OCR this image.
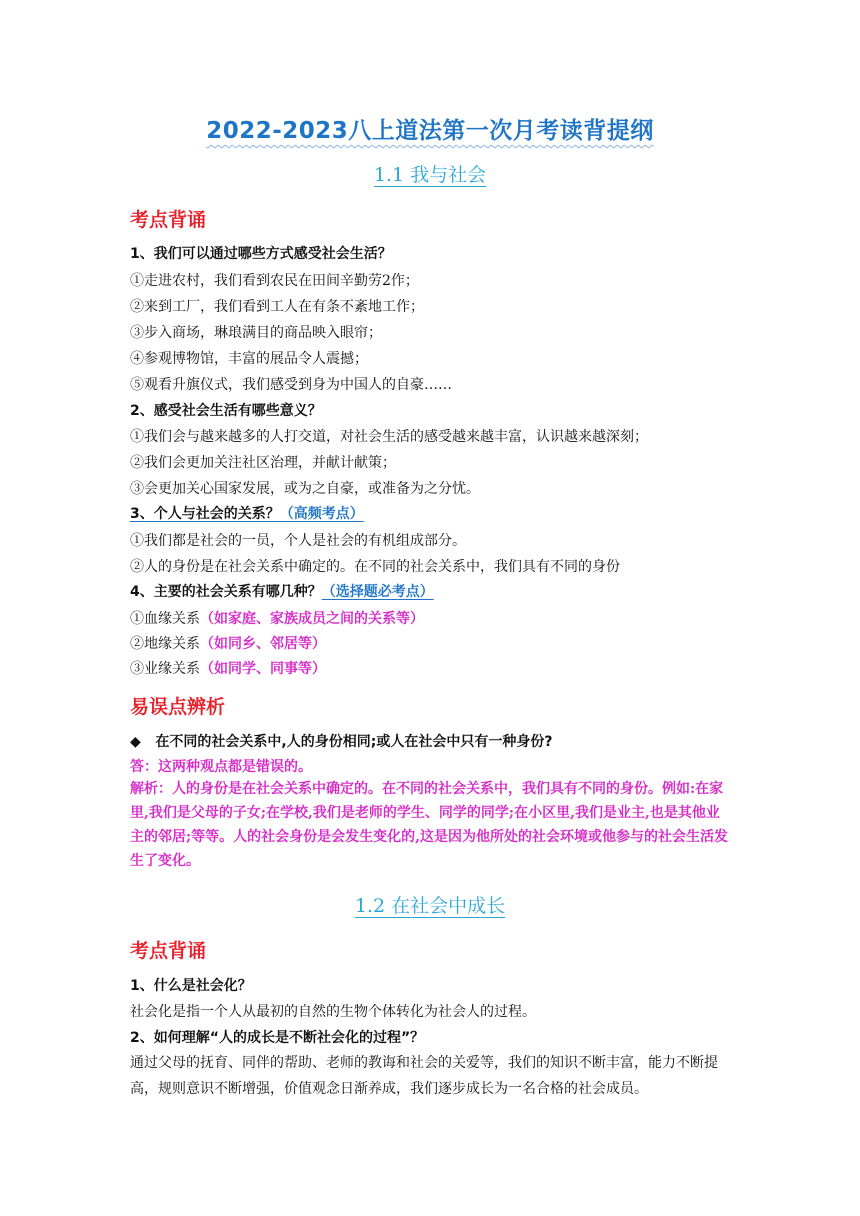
2022-2023八上道法第一次月考读背提纲
1.1 我与社会
考点背诵
1、我们可以通过哪些方式感受社会生活？
①走进农村，我们看到农民在田间辛勤劳2作；
②来到工厂，我们看到工人在有条不紊地工作；
③步入商场，琳琅满目的商品映入眼帘；
④参观博物馆，丰富的展品令人震撼；
⑤观看升旗仪式，我们感受到身为中国人的自豪……
2、感受社会生活有哪些意义？
①我们会与越来越多的人打交道，对社会生活的感受越来越丰富，认识越来越深刻；
②我们会更加关注社区治理，并献计献策；
③会更加关心国家发展，或为之自豪，或准备为之分忧。
3、个人与社会的关系？（高频考点）
①我们都是社会的一员，个人是社会的有机组成部分。
②人的身份是在社会关系中确定的。在不同的社会关系中，我们具有不同的身份
4、主要的社会关系有哪几种？（选择题必考点）
①血缘关系（如家庭、家族成员之间的关系等）
②地缘关系（如同乡、邻居等）
③业缘关系（如同学、同事等）
易误点辨析
◆ 在不同的社会关系中,人的身份相同;或人在社会中只有一种身份?
答：这两种观点都是错误的。
解析：人的身份是在社会关系中确定的。在不同的社会关系中，我们具有不同的身份。例如:在家里,我们是父母的子女;在学校,我们是老师的学生、同学的同学;在小区里,我们是业主,也是其他业主的邻居;等等。人的社会身份是会发生变化的,这是因为他所处的社会环境或他参与的社会生活发生了变化。
1.2 在社会中成长
考点背诵
1、什么是社会化？
社会化是指一个人从最初的自然的生物个体转化为社会人的过程。
2、如何理解“人的成长是不断社会化的过程”？
通过父母的抚育、同伴的帮助、老师的教诲和社会的关爱等，我们的知识不断丰富，能力不断提高，规则意识不断增强，价值观念日渐养成，我们逐步成长为一名合格的社会成员。
